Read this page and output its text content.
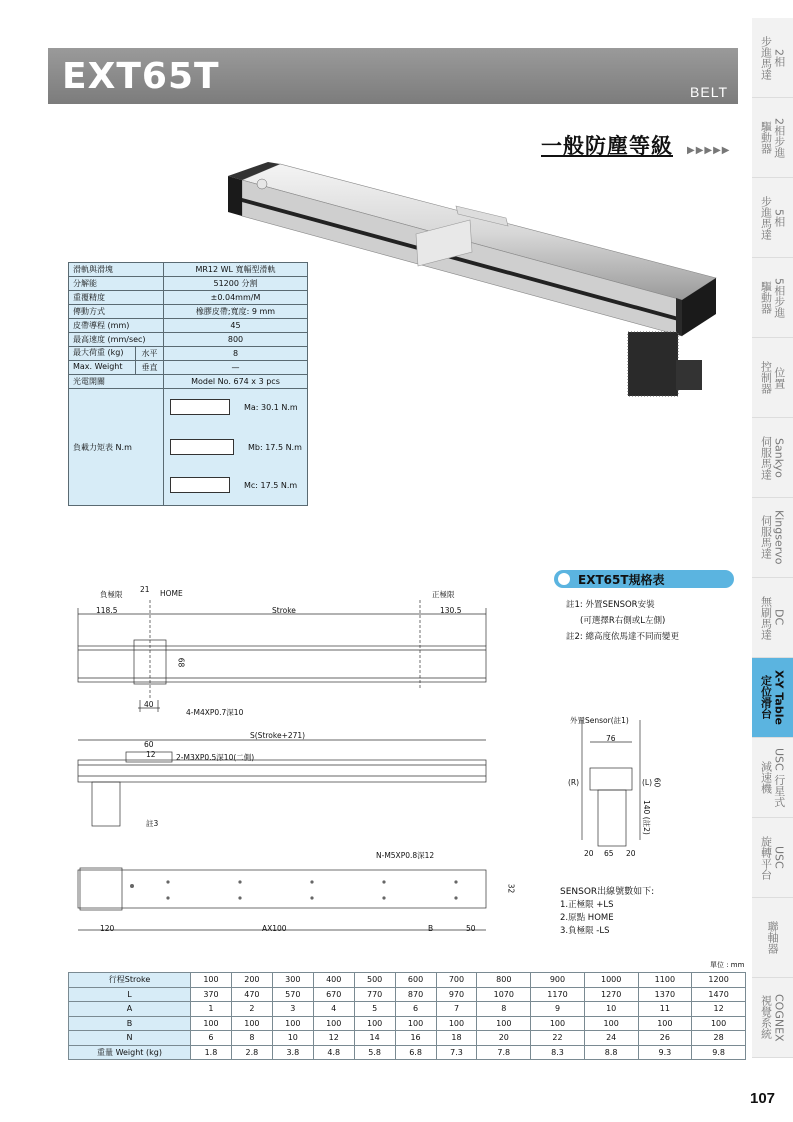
EXT65T	BELT
一般防塵等級 ▶▶▶▶▶
2相
步進馬達
2相步進
驅動器
5相
步進馬達
5相步進
驅動器
位置
控制器
Sankyo
伺服馬達
Kingservo
伺服馬達
DC
無刷馬達
X-Y Table
定位滑台
USC 行星式
減速機
USC
旋轉平台
聯軸器
COGNEX
視覺系統
滑軌與滑塊	MR12 WL 寬幅型滑軌
分解能	51200 分割
重覆精度	±0.04mm/M
傳動方式	橡膠皮帶;寬度: 9 mm
皮帶導程 (mm)	45
最高速度 (mm/sec)	800
最大荷重 (kg)	水平	8
Max. Weight	垂直	—
光電開關	Model No. 674 x 3 pcs
負載力矩表 N.m
Ma: 30.1 N.m
Mb: 17.5 N.m
Mc: 17.5 N.m
EXT65T規格表
註1: 外置SENSOR安裝
(可選擇R右側或L左側)
註2: 總高度依馬達不同而變更
負極限
21 HOME	正極限
118.5	Stroke	130.5
68
40
4-M4XP0.7深10
S(Stroke+271)
60
12	2-M3XP0.5深10(二側)
註3
N-M5XP0.8深12
32
120	AX100	B	50
外置Sensor(註1)
76
(R)	(L) 60
140 (註2)
20 65 20
SENSOR出線號數如下:
1.正極限 +LS
2.原點 HOME
3.負極限 -LS
單位 : mm
行程Stroke	100	200	300	400	500	600	700	800	900	1000	1100	1200
L	370	470	570	670	770	870	970	1070	1170	1270	1370	1470
A	1	2	3	4	5	6	7	8	9	10	11	12
B	100	100	100	100	100	100	100	100	100	100	100	100
N	6	8	10	12	14	16	18	20	22	24	26	28
重量 Weight (kg)	1.8	2.8	3.8	4.8	5.8	6.8	7.3	7.8	8.3	8.8	9.3	9.8
107
